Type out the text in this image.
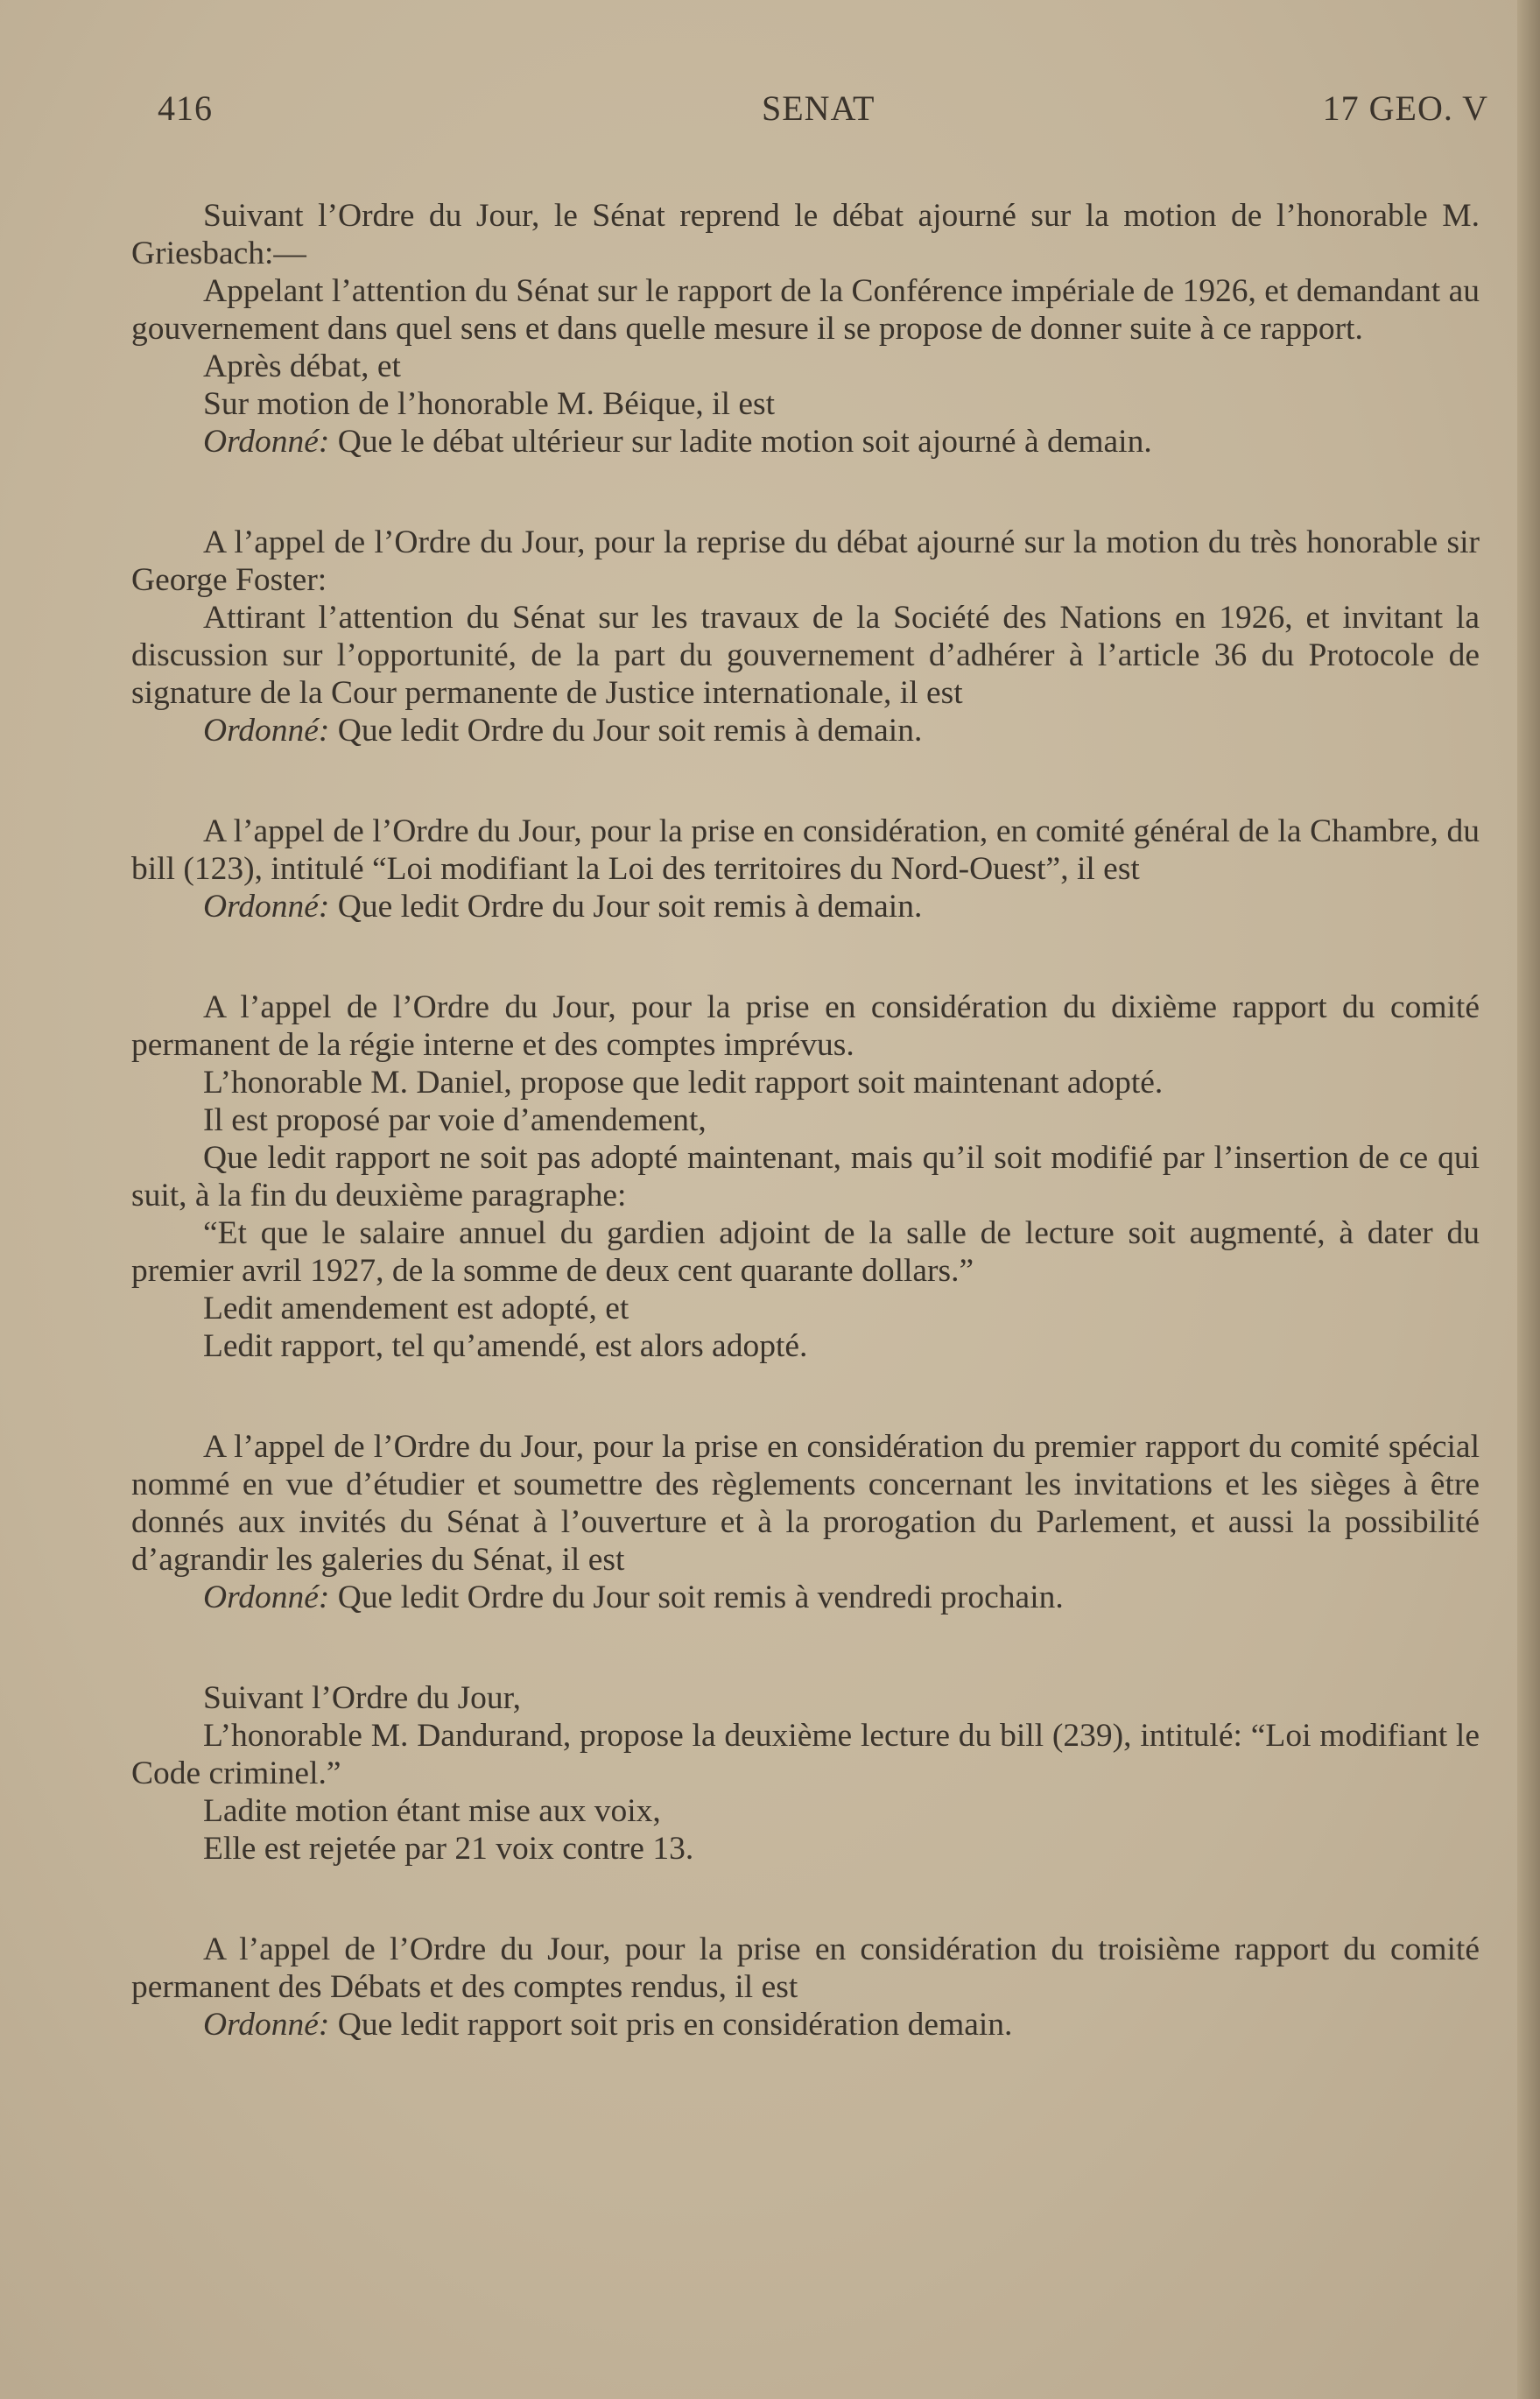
416	SENAT	17 GEO. V

Suivant l’Ordre du Jour, le Sénat reprend le débat ajourné sur la motion de l’honorable M. Griesbach:—

Appelant l’attention du Sénat sur le rapport de la Conférence impériale de 1926, et demandant au gouvernement dans quel sens et dans quelle mesure il se propose de donner suite à ce rapport.

Après débat, et

Sur motion de l’honorable M. Béique, il est

Ordonné: Que le débat ultérieur sur ladite motion soit ajourné à demain.

A l’appel de l’Ordre du Jour, pour la reprise du débat ajourné sur la motion du très honorable sir George Foster:

Attirant l’attention du Sénat sur les travaux de la Société des Nations en 1926, et invitant la discussion sur l’opportunité, de la part du gouvernement d’adhérer à l’article 36 du Protocole de signature de la Cour permanente de Justice internationale, il est

Ordonné: Que ledit Ordre du Jour soit remis à demain.

A l’appel de l’Ordre du Jour, pour la prise en considération, en comité général de la Chambre, du bill (123), intitulé “Loi modifiant la Loi des territoires du Nord-Ouest”, il est

Ordonné: Que ledit Ordre du Jour soit remis à demain.

A l’appel de l’Ordre du Jour, pour la prise en considération du dixième rapport du comité permanent de la régie interne et des comptes imprévus.

L’honorable M. Daniel, propose que ledit rapport soit maintenant adopté.

Il est proposé par voie d’amendement,

Que ledit rapport ne soit pas adopté maintenant, mais qu’il soit modifié par l’insertion de ce qui suit, à la fin du deuxième paragraphe:

“Et que le salaire annuel du gardien adjoint de la salle de lecture soit augmenté, à dater du premier avril 1927, de la somme de deux cent quarante dollars.”

Ledit amendement est adopté, et

Ledit rapport, tel qu’amendé, est alors adopté.

A l’appel de l’Ordre du Jour, pour la prise en considération du premier rapport du comité spécial nommé en vue d’étudier et soumettre des règlements concernant les invitations et les sièges à être donnés aux invités du Sénat à l’ouverture et à la prorogation du Parlement, et aussi la possibilité d’agrandir les galeries du Sénat, il est

Ordonné: Que ledit Ordre du Jour soit remis à vendredi prochain.

Suivant l’Ordre du Jour,

L’honorable M. Dandurand, propose la deuxième lecture du bill (239), intitulé: “Loi modifiant le Code criminel.”

Ladite motion étant mise aux voix,

Elle est rejetée par 21 voix contre 13.

A l’appel de l’Ordre du Jour, pour la prise en considération du troisième rapport du comité permanent des Débats et des comptes rendus, il est

Ordonné: Que ledit rapport soit pris en considération demain.
